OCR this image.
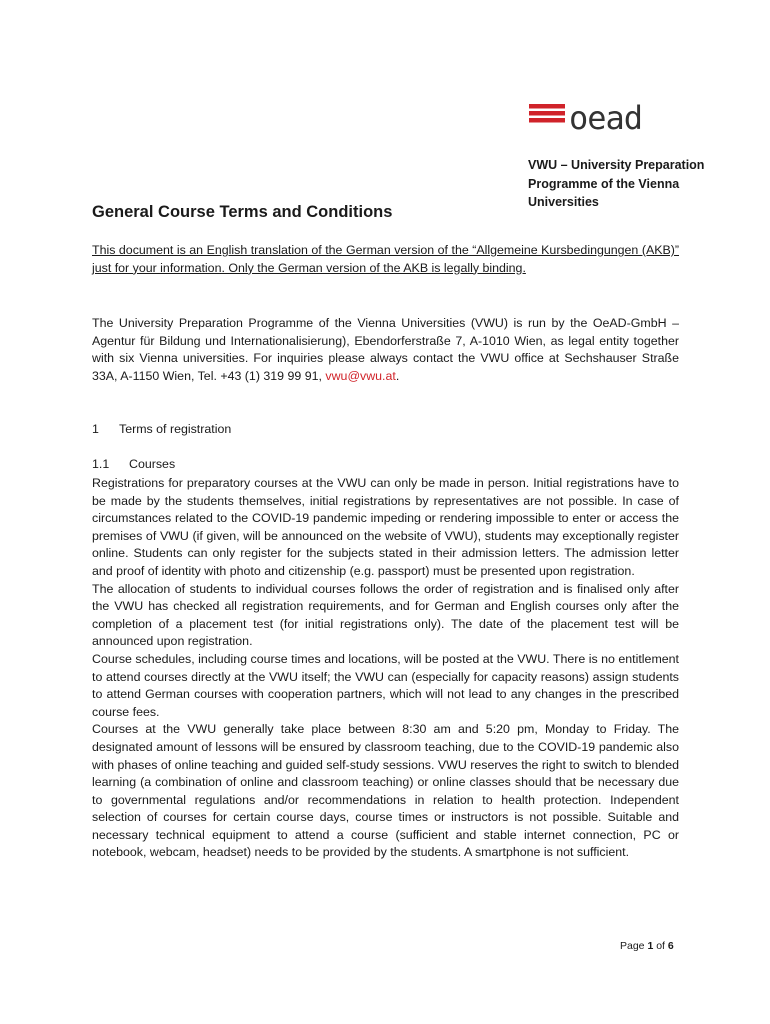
oead
VWU – University Preparation
Programme of the Vienna
Universities
General Course Terms and Conditions
This document is an English translation of the German version of the “Allgemeine Kursbedingungen (AKB)” just for your information. Only the German version of the AKB is legally binding.
The University Preparation Programme of the Vienna Universities (VWU) is run by the OeAD-GmbH – Agentur für Bildung und Internationalisierung), Ebendorferstraße 7, A-1010 Wien, as legal entity together with six Vienna universities. For inquiries please always contact the VWU office at Sechshauser Straße 33A, A-1150 Wien, Tel. +43 (1) 319 99 91, vwu@vwu.at.
1 Terms of registration
1.1 Courses

Registrations for preparatory courses at the VWU can only be made in person. Initial registrations have to be made by the students themselves, initial registrations by representatives are not possible. In case of circumstances related to the COVID-19 pandemic impeding or rendering impossible to enter or access the premises of VWU (if given, will be announced on the website of VWU), students may exceptionally register online. Students can only register for the subjects stated in their admission letters. The admission letter and proof of identity with photo and citizenship (e.g. passport) must be presented upon registration.

The allocation of students to individual courses follows the order of registration and is finalised only after the VWU has checked all registration requirements, and for German and English courses only after the completion of a placement test (for initial registrations only). The date of the placement test will be announced upon registration.

Course schedules, including course times and locations, will be posted at the VWU. There is no entitlement to attend courses directly at the VWU itself; the VWU can (especially for capacity reasons) assign students to attend German courses with cooperation partners, which will not lead to any changes in the prescribed course fees.

Courses at the VWU generally take place between 8:30 am and 5:20 pm, Monday to Friday. The designated amount of lessons will be ensured by classroom teaching, due to the COVID-19 pandemic also with phases of online teaching and guided self-study sessions. VWU reserves the right to switch to blended learning (a combination of online and classroom teaching) or online classes should that be necessary due to governmental regulations and/or recommendations in relation to health protection. Independent selection of courses for certain course days, course times or instructors is not possible. Suitable and necessary technical equipment to attend a course (sufficient and stable internet connection, PC or notebook, webcam, headset) needs to be provided by the students. A smartphone is not sufficient.

Page 1 of 6
